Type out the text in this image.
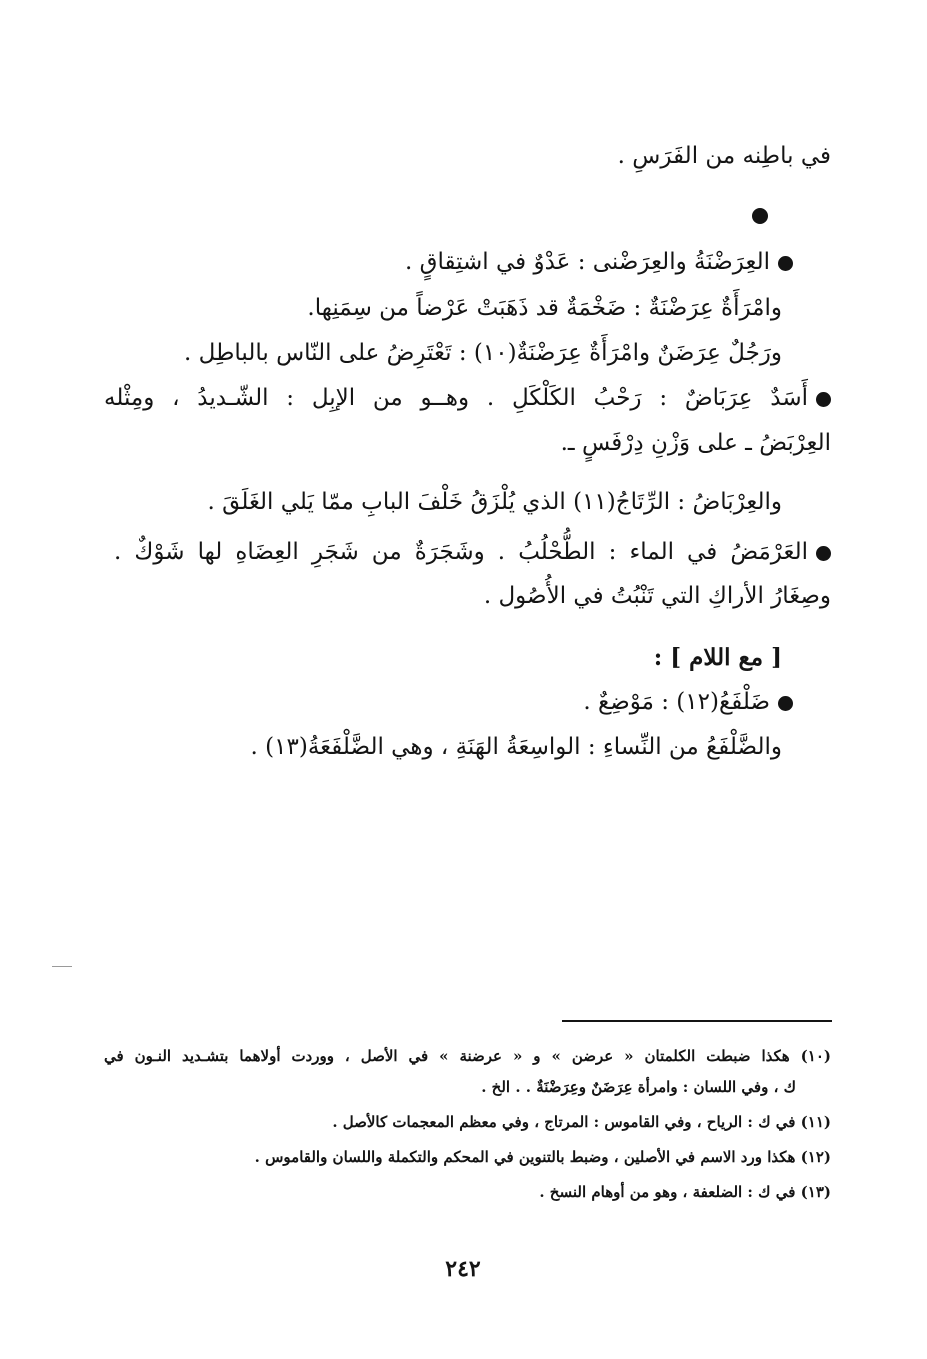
في باطِنه من الفَرَسِ .
العِرَضْنَةُ والعِرَضْنى : عَدْوٌ في اشتِقاقٍ .
وامْرَأَةٌ عِرَضْنَةٌ : ضَخْمَةٌ قد ذَهَبَتْ عَرْضاً من سِمَنِها.
ورَجُلٌ عِرَضَنٌ وامْرَأَةٌ عِرَضْنَةٌ(١٠) : تَعْتَرِضُ على النّاس بالباطِل .
أَسَدٌ عِرَبَاضٌ : رَحْبُ الكَلْكَلِ . وهــو من الإبِل : الشّـديدُ ، ومِثْله
العِرْبَضُ ـ على وَزْنِ دِرْفَسٍ ـ.
والعِرْبَاضُ : الرِّتَاجُ(١١) الذي يُلْزَقُ خَلْفَ البابِ ممّا يَلي الغَلَقَ .
العَرْمَضُ في الماء : الطُّحْلُبُ . وشَجَرَةٌ من شَجَرِ العِضَاهِ لها شَوْكٌ .
وصِغَارُ الأراكِ التي تَنْبُتُ في الأُصُول .
[ مع اللام ] :
ضَلْفَعُ(١٢) : مَوْضِعٌ .
والضَّلْفَعُ من النِّساءِ : الواسِعَةُ الهَنَةِ ، وهي الضَّلْفَعَةُ(١٣) .
(١٠) هكذا ضبطت الكلمتان « عرضن » و « عرضنة » في الأصل ، ووردت أولاهما بتشـديد النـون في
ك ، وفي اللسان : وامرأة عِرَضَنٌ وعِرَضْنَةٌ . . الخ .
(١١) في ك : الرياح ، وفي القاموس : المرتاج ، وفي معظم المعجمات كالأصل .
(١٢) هكذا ورد الاسم في الأصلين ، وضبط بالتنوين في المحكم والتكملة واللسان والقاموس .
(١٣) في ك : الضلعفة ، وهو من أوهام النسخ .
٢٤٢
